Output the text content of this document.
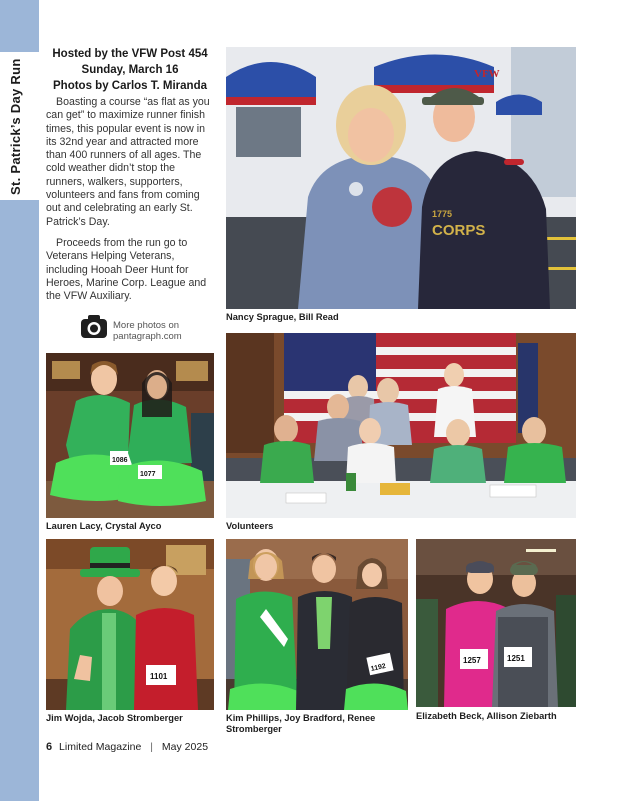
St. Patrick’s Day Run
Hosted by the VFW Post 454
Sunday, March 16
Photos by Carlos T. Miranda

Boasting a course “as flat as you can get” to maximize runner finish times, this popular event is now in its 32nd year and attracted more than 400 runners of all ages. The cold weather didn’t stop the runners, walkers, supporters, volunteers and fans from coming out and celebrating an early St. Patrick’s Day.

Proceeds from the run go to Veterans Helping Veterans, including Hooah Deer Hunt for Heroes, Marine Corp. League and the VFW Auxiliary.

More photos on
pantagraph.com
VFW
1775
CORPS
Nancy Sprague, Bill Read
1086
1077
Lauren Lacy, Crystal Ayco	Volunteers
1101
Jim Wojda, Jacob Stromberger
1192
Kim Phillips, Joy Bradford, Renee Stromberger
1257	1251
Elizabeth Beck, Allison Ziebarth
6 Limited Magazine | May 2025
